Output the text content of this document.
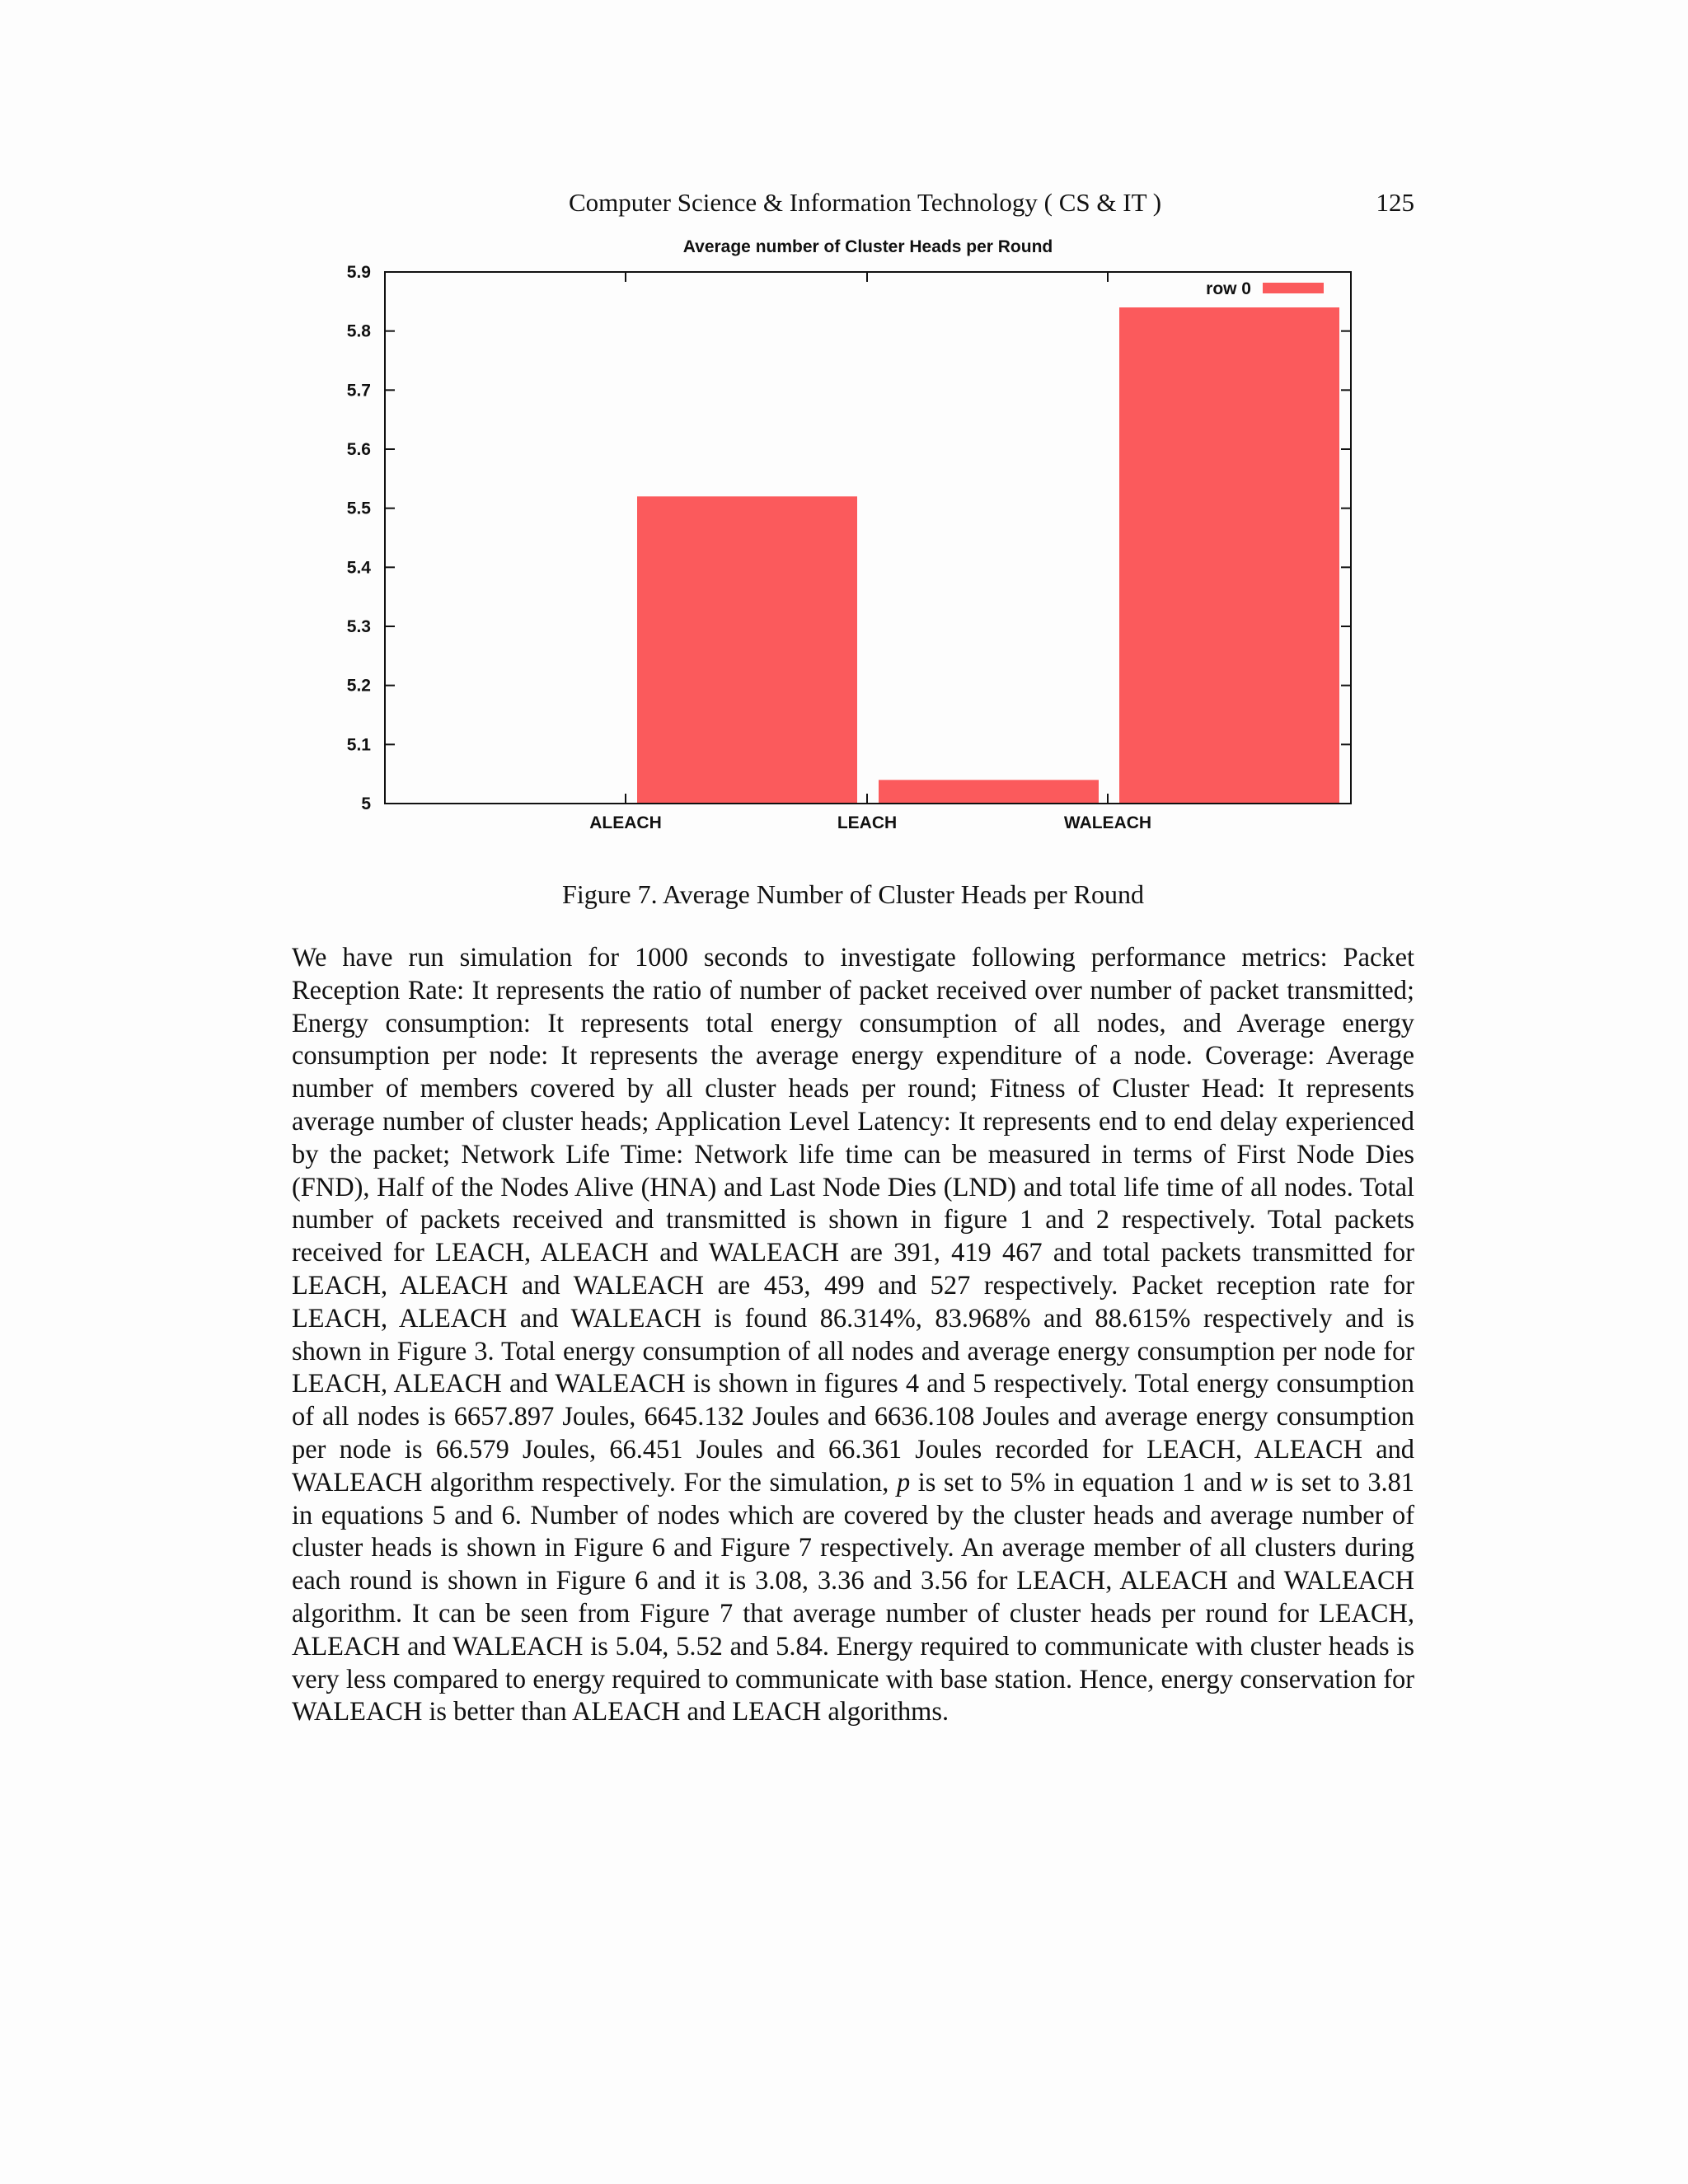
Computer Science & Information Technology ( CS & IT )	125
Average number of Cluster Heads per Round
5
5.1
5.2
5.3
5.4
5.5
5.6
5.7
5.8
5.9
ALEACH	LEACH	WALEACH
row 0
Figure 7. Average Number of Cluster Heads per Round
We have run simulation for 1000 seconds to investigate following performance metrics: Packet Reception Rate: It represents the ratio of number of packet received over number of packet transmitted; Energy consumption: It represents total energy consumption of all nodes, and Average energy consumption per node: It represents the average energy expenditure of a node. Coverage: Average number of members covered by all cluster heads per round; Fitness of Cluster Head: It represents average number of cluster heads; Application Level Latency: It represents end to end delay experienced by the packet; Network Life Time: Network life time can be measured in terms of First Node Dies (FND), Half of the Nodes Alive (HNA) and Last Node Dies (LND) and total life time of all nodes. Total number of packets received and transmitted is shown in figure 1 and 2 respectively. Total packets received for LEACH, ALEACH and WALEACH are 391, 419 467 and total packets transmitted for LEACH, ALEACH and WALEACH are 453, 499 and 527 respectively. Packet reception rate for LEACH, ALEACH and WALEACH is found 86.314%, 83.968% and 88.615% respectively and is shown in Figure 3. Total energy consumption of all nodes and average energy consumption per node for LEACH, ALEACH and WALEACH is shown in figures 4 and 5 respectively. Total energy consumption of all nodes is 6657.897 Joules, 6645.132 Joules and 6636.108 Joules and average energy consumption per node is 66.579 Joules, 66.451 Joules and 66.361 Joules recorded for LEACH, ALEACH and WALEACH algorithm respectively. For the simulation, p is set to 5% in equation 1 and w is set to 3.81 in equations 5 and 6. Number of nodes which are covered by the cluster heads and average number of cluster heads is shown in Figure 6 and Figure 7 respectively. An average member of all clusters during each round is shown in Figure 6 and it is 3.08, 3.36 and 3.56 for LEACH, ALEACH and WALEACH algorithm. It can be seen from Figure 7 that average number of cluster heads per round for LEACH, ALEACH and WALEACH is 5.04, 5.52 and 5.84. Energy required to communicate with cluster heads is very less compared to energy required to communicate with base station. Hence, energy conservation for WALEACH is better than ALEACH and LEACH algorithms.
